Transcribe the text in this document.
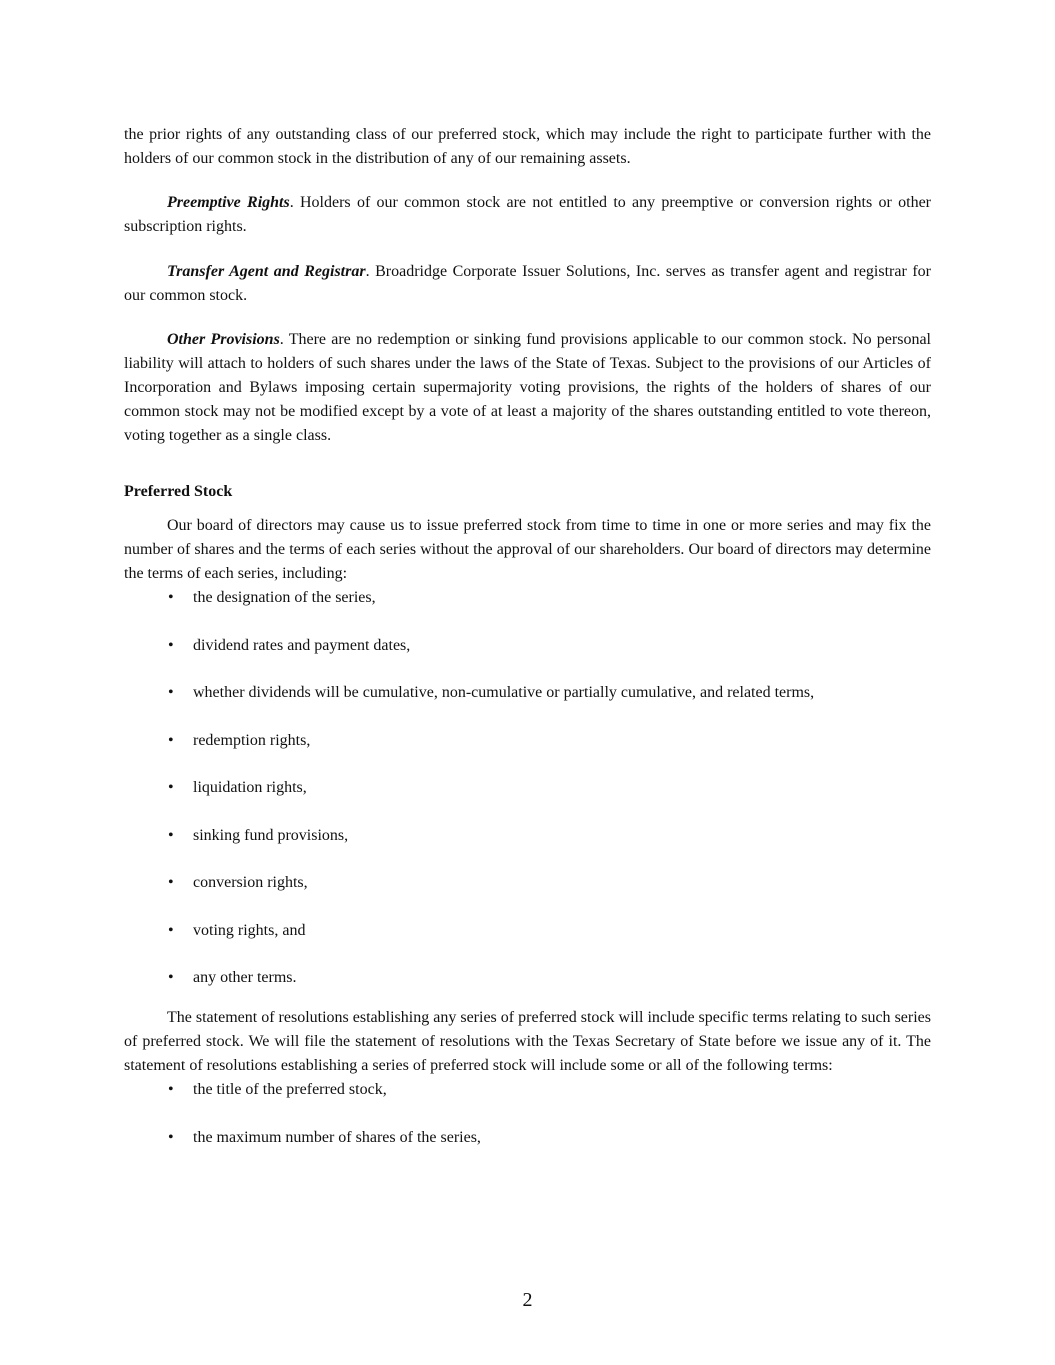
the prior rights of any outstanding class of our preferred stock, which may include the right to participate further with the holders of our common stock in the distribution of any of our remaining assets.

Preemptive Rights. Holders of our common stock are not entitled to any preemptive or conversion rights or other subscription rights.

Transfer Agent and Registrar. Broadridge Corporate Issuer Solutions, Inc. serves as transfer agent and registrar for our common stock.

Other Provisions. There are no redemption or sinking fund provisions applicable to our common stock. No personal liability will attach to holders of such shares under the laws of the State of Texas. Subject to the provisions of our Articles of Incorporation and Bylaws imposing certain supermajority voting provisions, the rights of the holders of shares of our common stock may not be modified except by a vote of at least a majority of the shares outstanding entitled to vote thereon, voting together as a single class.

Preferred Stock

Our board of directors may cause us to issue preferred stock from time to time in one or more series and may fix the number of shares and the terms of each series without the approval of our shareholders. Our board of directors may determine the terms of each series, including:

• the designation of the series,
• dividend rates and payment dates,
• whether dividends will be cumulative, non-cumulative or partially cumulative, and related terms,
• redemption rights,
• liquidation rights,
• sinking fund provisions,
• conversion rights,
• voting rights, and
• any other terms.

The statement of resolutions establishing any series of preferred stock will include specific terms relating to such series of preferred stock. We will file the statement of resolutions with the Texas Secretary of State before we issue any of it. The statement of resolutions establishing a series of preferred stock will include some or all of the following terms:

• the title of the preferred stock,
• the maximum number of shares of the series,
2
